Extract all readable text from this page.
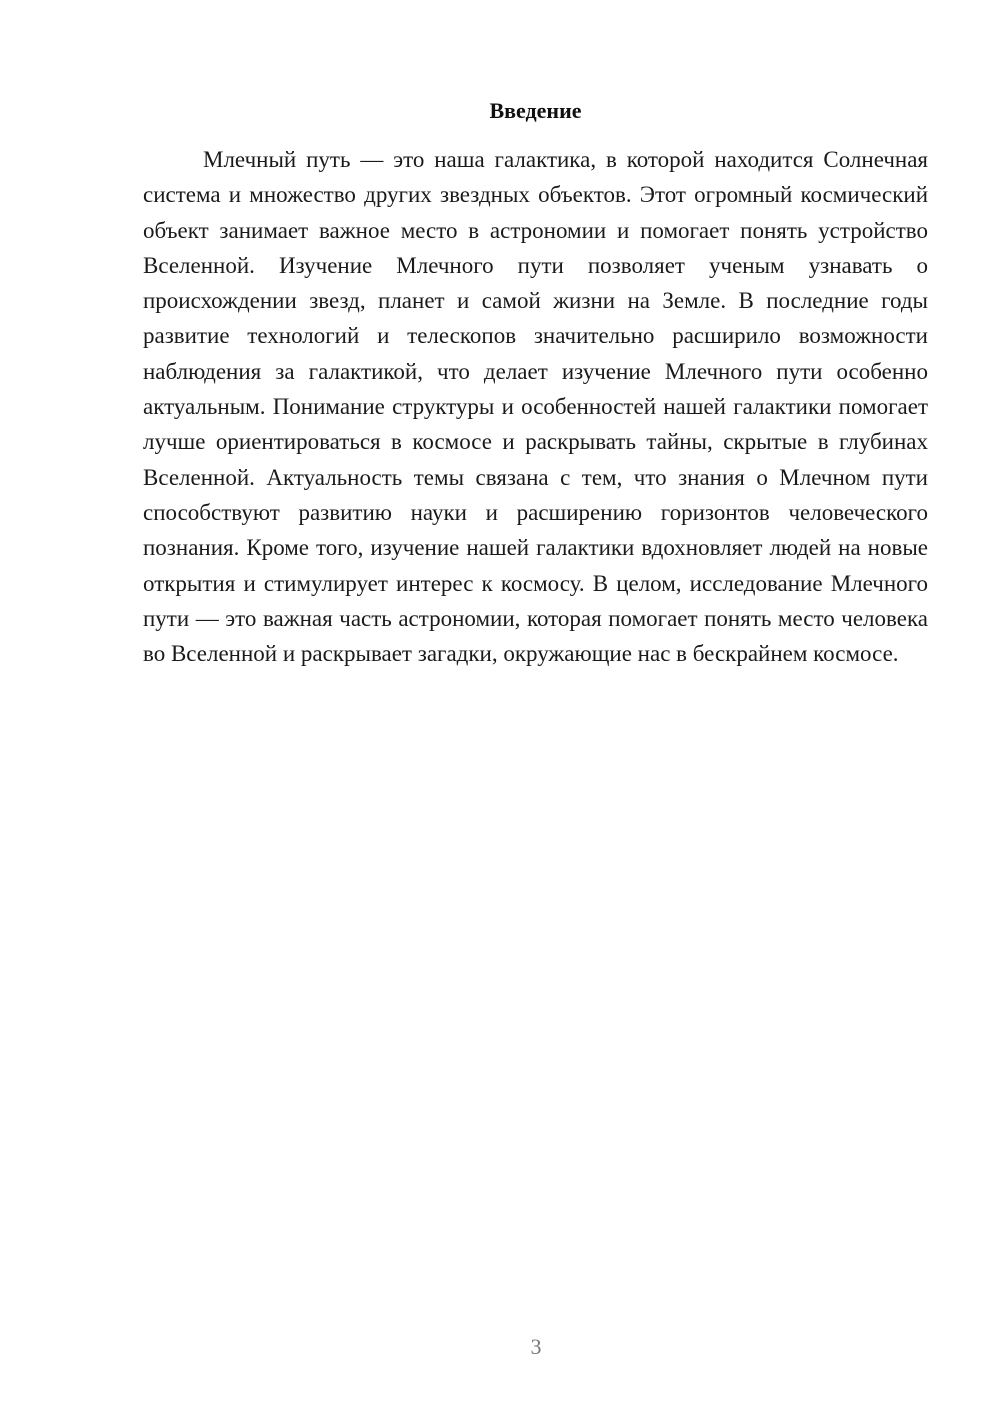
Введение

Млечный путь — это наша галактика, в которой находится Солнечная система и множество других звездных объектов. Этот огромный космический объект занимает важное место в астрономии и помогает понять устройство Вселенной. Изучение Млечного пути позволяет ученым узнавать о происхождении звезд, планет и самой жизни на Земле. В последние годы развитие технологий и телескопов значительно расширило возможности наблюдения за галактикой, что делает изучение Млечного пути особенно актуальным. Понимание структуры и особенностей нашей галактики помогает лучше ориентироваться в космосе и раскрывать тайны, скрытые в глубинах Вселенной. Актуальность темы связана с тем, что знания о Млечном пути способствуют развитию науки и расширению горизонтов человеческого познания. Кроме того, изучение нашей галактики вдохновляет людей на новые открытия и стимулирует интерес к космосу. В целом, исследование Млечного пути — это важная часть астрономии, которая помогает понять место человека во Вселенной и раскрывает загадки, окружающие нас в бескрайнем космосе.

3
